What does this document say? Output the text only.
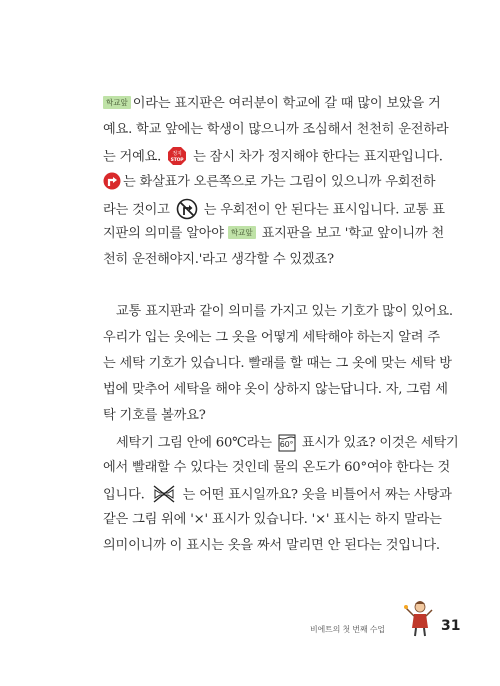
학교앞 이라는 표지판은 여러분이 학교에 갈 때 많이 보았을 거
예요. 학교 앞에는 학생이 많으니까 조심해서 천천히 운전하라
는 거예요. 정지
STOP 는 잠시 차가 정지해야 한다는 표지판입니다.
는 화살표가 오른쪽으로 가는 그림이 있으니까 우회전하
라는 것이고	는 우회전이 안 된다는 표시입니다. 교통 표
지판의 의미를 알아야 학교앞 표지판을 보고 '학교 앞이니까 천
천히 운전해야지.'라고 생각할 수 있겠죠?
교통 표지판과 같이 의미를 가지고 있는 기호가 많이 있어요.
우리가 입는 옷에는 그 옷을 어떻게 세탁해야 하는지 알려 주
는 세탁 기호가 있습니다. 빨래를 할 때는 그 옷에 맞는 세탁 방
법에 맞추어 세탁을 해야 옷이 상하지 않는답니다. 자, 그럼 세
탁 기호를 볼까요?
세탁기 그림 안에 60℃라는 60° 표시가 있죠? 이것은 세탁기
에서 빨래할 수 있다는 것인데 물의 온도가 60°여야 한다는 것
입니다.	는 어떤 표시일까요? 옷을 비틀어서 짜는 사탕과
같은 그림 위에 '×' 표시가 있습니다. '×' 표시는 하지 말라는
의미이니까 이 표시는 옷을 짜서 말리면 안 된다는 것입니다.
비에트의 첫 번째 수업	31
